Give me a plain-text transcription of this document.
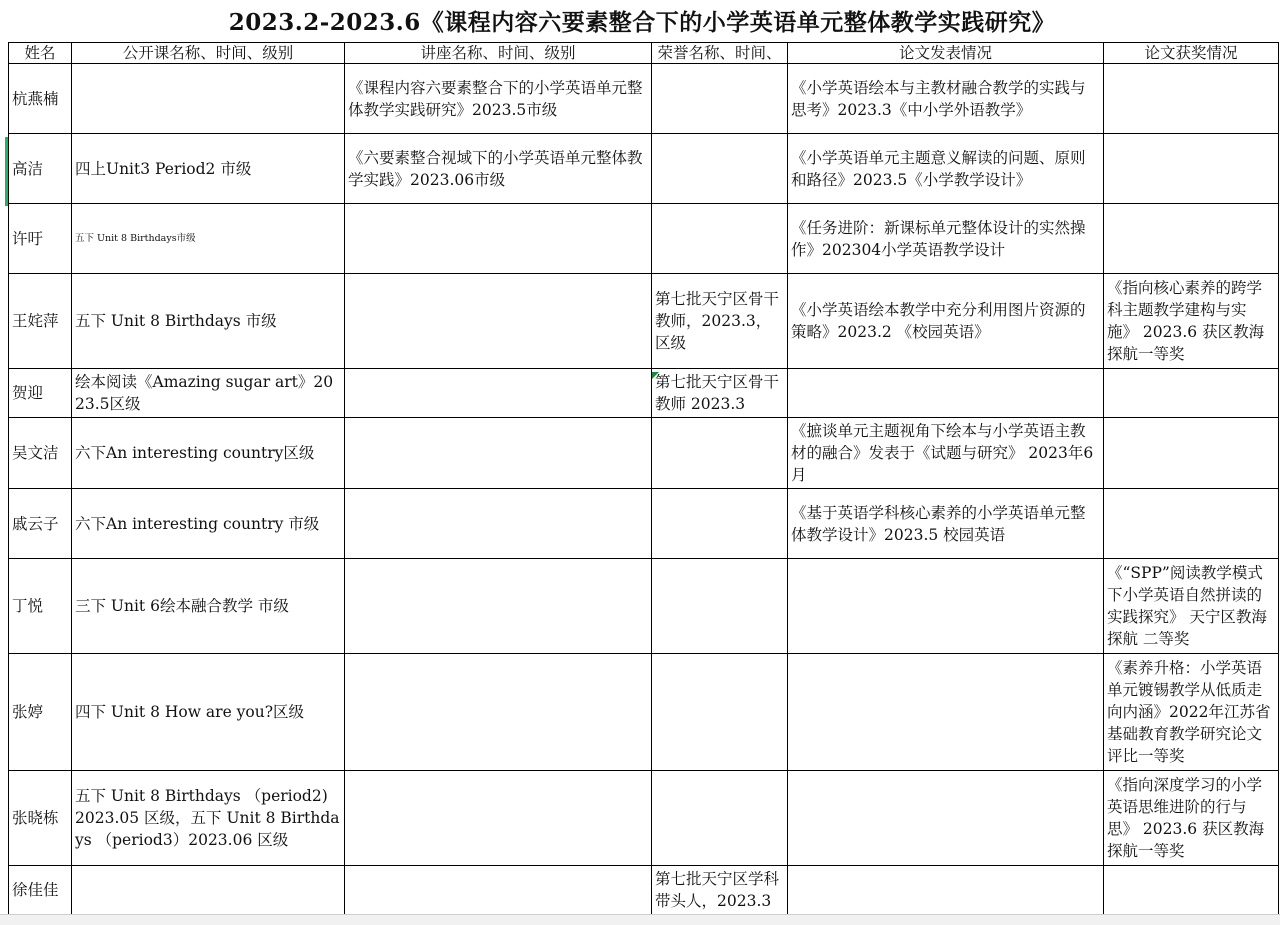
2023.2-2023.6《课程内容六要素整合下的小学英语单元整体教学实践研究》
姓名	公开课名称、时间、级别	讲座名称、时间、级别	荣誉名称、时间、	论文发表情况	论文获奖情况
杭燕楠		《课程内容六要素整合下的小学英语单元整体教学实践研究》2023.5市级		《小学英语绘本与主教材融合教学的实践与思考》2023.3《中小学外语教学》	
高洁	四上Unit3 Period2 市级	《六要素整合视域下的小学英语单元整体教学实践》2023.06市级		《小学英语单元主题意义解读的问题、原则和路径》2023.5《小学教学设计》	
许吁	五下 Unit 8 Birthdays市级			《任务进阶：新课标单元整体设计的实然操作》202304小学英语教学设计	
王姹萍	五下 Unit 8 Birthdays 市级		第七批天宁区骨干教师，2023.3，区级	《小学英语绘本教学中充分利用图片资源的策略》2023.2 《校园英语》	《指向核心素养的跨学科主题教学建构与实施》 2023.6 获区教海探航一等奖
贺迎	绘本阅读《Amazing sugar art》2023.5区级		第七批天宁区骨干教师 2023.3		
吴文洁	六下An interesting country区级			《摭谈单元主题视角下绘本与小学英语主教材的融合》发表于《试题与研究》 2023年6月	
戚云子	六下An interesting country 市级			《基于英语学科核心素养的小学英语单元整体教学设计》2023.5 校园英语	
丁悦	三下 Unit 6绘本融合教学 市级				《“SPP”阅读教学模式下小学英语自然拼读的实践探究》 天宁区教海探航 二等奖
张婷	四下 Unit 8 How are you?区级				《素养升格：小学英语单元镀锡教学从低质走向内涵》2022年江苏省基础教育教学研究论文评比一等奖
张晓栋	五下 Unit 8 Birthdays （period2) 2023.05 区级，五下 Unit 8 Birthdays （period3）2023.06 区级				《指向深度学习的小学英语思维进阶的行与思》 2023.6 获区教海探航一等奖
徐佳佳			第七批天宁区学科带头人，2023.3		
